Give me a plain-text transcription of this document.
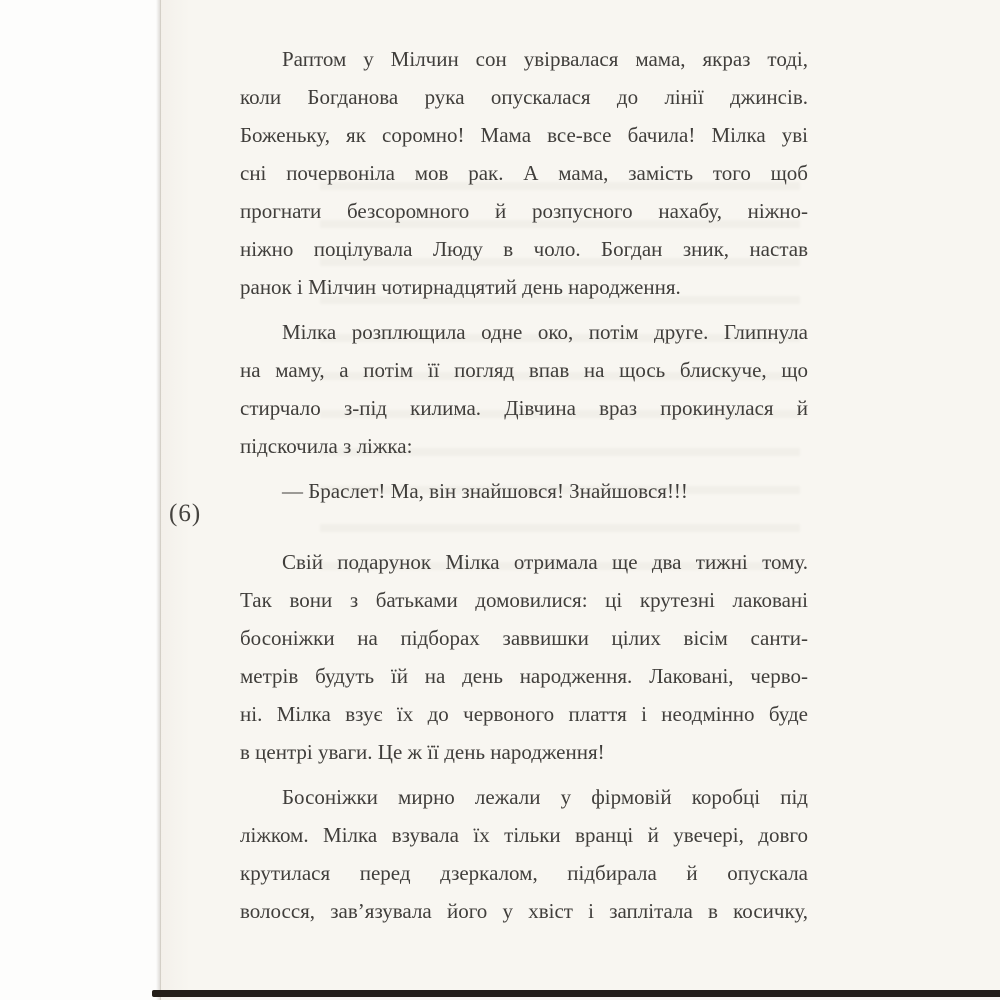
(6)
Раптом у Мілчин сон увірвалася мама, якраз тоді,
коли Богданова рука опускалася до лінії джинсів.
Боженьку, як соромно! Мама все-все бачила! Мілка уві
сні почервоніла мов рак. А мама, замість того щоб
прогнати безсоромного й розпусного нахабу, ніжно-
ніжно поцілувала Люду в чоло. Богдан зник, настав
ранок і Мілчин чотирнадцятий день народження.
Мілка розплющила одне око, потім друге. Глипнула
на маму, а потім її погляд впав на щось блискуче, що
стирчало з-під килима. Дівчина враз прокинулася й
підскочила з ліжка:
— Браслет! Ма, він знайшовся! Знайшовся!!!
Свій подарунок Мілка отримала ще два тижні тому.
Так вони з батьками домовилися: ці крутезні лаковані
босоніжки на підборах заввишки цілих вісім санти-
метрів будуть їй на день народження. Лаковані, черво-
ні. Мілка взує їх до червоного плаття і неодмінно буде
в центрі уваги. Це ж її день народження!
Босоніжки мирно лежали у фірмовій коробці під
ліжком. Мілка взувала їх тільки вранці й увечері, довго
крутилася перед дзеркалом, підбирала й опускала
волосся, зав’язувала його у хвіст і заплітала в косичку,
